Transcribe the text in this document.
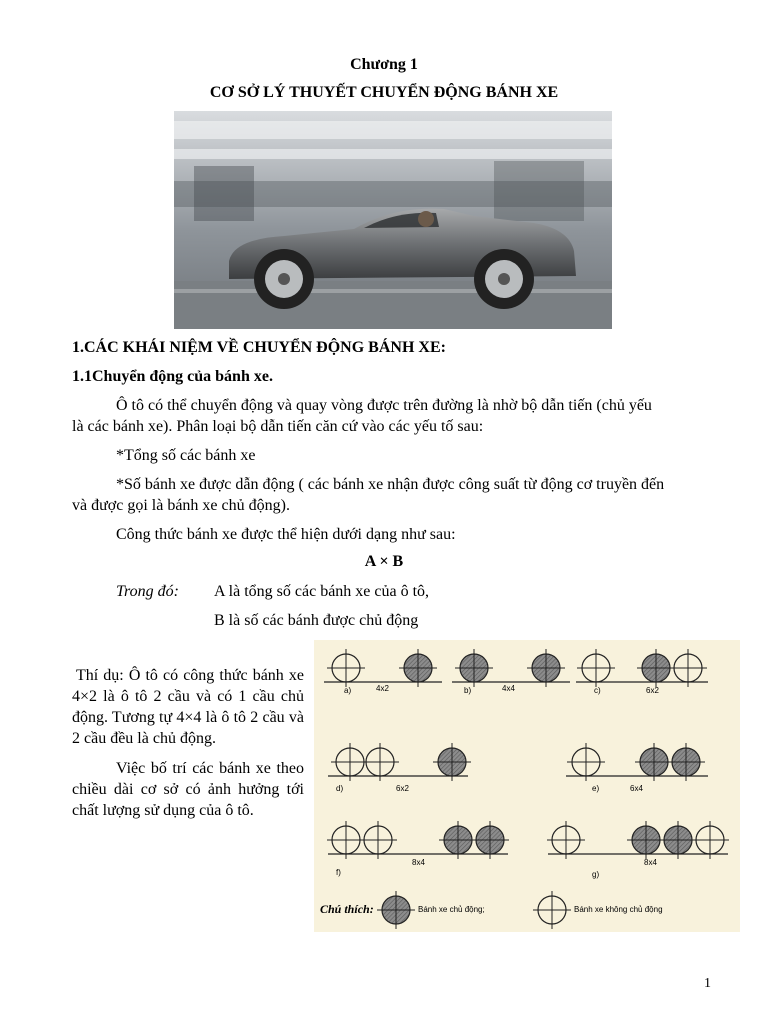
Chương 1
CƠ SỞ LÝ THUYẾT CHUYỂN ĐỘNG BÁNH XE
1.CÁC KHÁI NIỆM VỀ CHUYỂN ĐỘNG BÁNH XE:
1.1Chuyển động của bánh xe.
Ô tô có thể chuyển động và quay vòng được trên đường là nhờ bộ dẫn tiến (chủ yếu
là các bánh xe). Phân loại bộ dẫn tiến căn cứ vào các yếu tố sau:
*Tổng số các bánh xe
*Số bánh xe được dẫn động ( các bánh xe nhận được công suất từ động cơ truyền đến
và được gọi là bánh xe chủ động).
Công thức bánh xe được thể hiện dưới dạng như sau:
A × B
Trong đó: A là tổng số các bánh xe của ô tô,
B là số các bánh được chủ động
Thí dụ: Ô tô có công thức bánh xe 4×2 là ô tô 2 cầu và có 1 cầu chủ động. Tương tự 4×4 là ô tô 2 cầu và 2 cầu đều là chủ động.
Việc bố trí các bánh xe theo chiều dài cơ sở có ảnh hưởng tới chất lượng sử dụng của ô tô.
a)	4x2	b)	4x4	c)	6x2
d)	6x2	e)	6x4
f)
8x4
g)
8x4
Chú thích:	Bánh xe chủ động;	Bánh xe không chủ động
1
